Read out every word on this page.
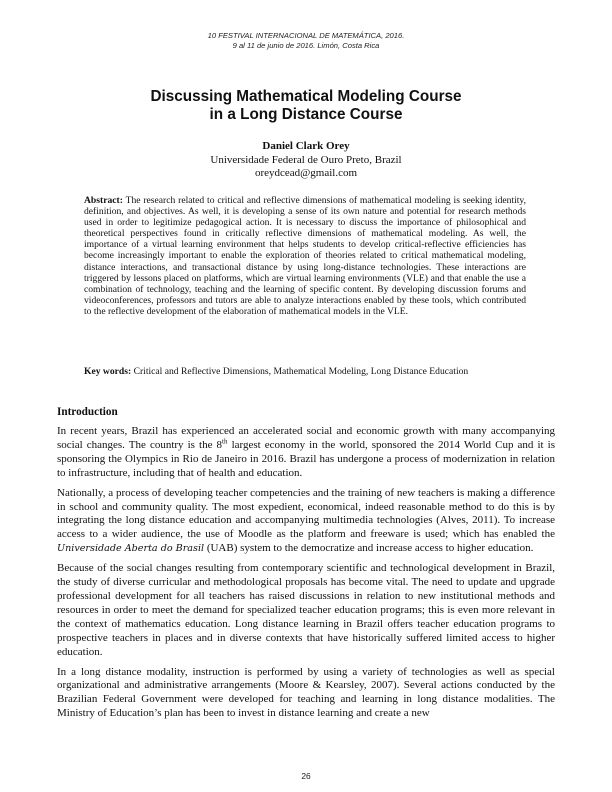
10 FESTIVAL INTERNACIONAL DE MATEMÁTICA, 2016.
9 al 11 de junio de 2016. Limón, Costa Rica
Discussing Mathematical Modeling Course
in a Long Distance Course
Daniel Clark Orey
Universidade Federal de Ouro Preto, Brazil
oreydcead@gmail.com

Abstract: The research related to critical and reflective dimensions of mathematical modeling is seeking identity, definition, and objectives. As well, it is developing a sense of its own nature and potential for research methods used in order to legitimize pedagogical action. It is necessary to discuss the importance of philosophical and theoretical perspectives found in critically reflective dimensions of mathematical modeling. As well, the importance of a virtual learning environment that helps students to develop critical-reflective efficiencies has become increasingly important to enable the exploration of theories related to critical mathematical modeling, distance interactions, and transactional distance by using long-distance technologies. These interactions are triggered by lessons placed on platforms, which are virtual learning environments (VLE) and that enable the use a combination of technology, teaching and the learning of specific content. By developing discussion forums and videoconferences, professors and tutors are able to analyze interactions enabled by these tools, which contributed to the reflective development of the elaboration of mathematical models in the VLE.

Key words: Critical and Reflective Dimensions, Mathematical Modeling, Long Distance Education
Introduction

In recent years, Brazil has experienced an accelerated social and economic growth with many accompanying social changes. The country is the 8th largest economy in the world, sponsored the 2014 World Cup and it is sponsoring the Olympics in Rio de Janeiro in 2016. Brazil has undergone a process of modernization in relation to infrastructure, including that of health and education.

Nationally, a process of developing teacher competencies and the training of new teachers is making a difference in school and community quality. The most expedient, economical, indeed reasonable method to do this is by integrating the long distance education and accompanying multimedia technologies (Alves, 2011). To increase access to a wider audience, the use of Moodle as the platform and freeware is used; which has enabled the Universidade Aberta do Brasil (UAB) system to the democratize and increase access to higher education.

Because of the social changes resulting from contemporary scientific and technological development in Brazil, the study of diverse curricular and methodological proposals has become vital. The need to update and upgrade professional development for all teachers has raised discussions in relation to new institutional methods and resources in order to meet the demand for specialized teacher education programs; this is even more relevant in the context of mathematics education. Long distance learning in Brazil offers teacher education programs to prospective teachers in places and in diverse contexts that have historically suffered limited access to higher education.

In a long distance modality, instruction is performed by using a variety of technologies as well as special organizational and administrative arrangements (Moore & Kearsley, 2007). Several actions conducted by the Brazilian Federal Government were developed for teaching and learning in long distance modalities. The Ministry of Education’s plan has been to invest in distance learning and create a new

26
